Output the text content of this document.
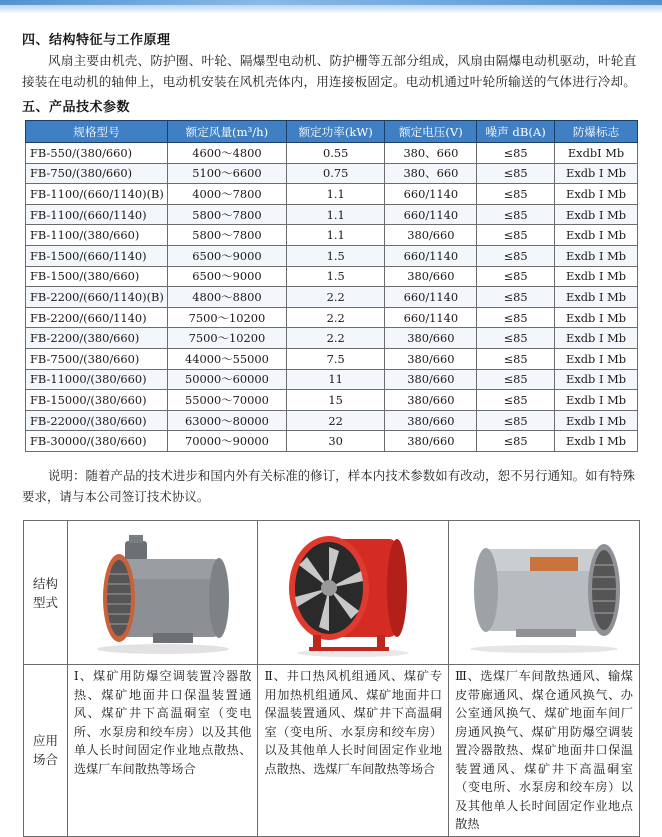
四、结构特征与工作原理
风扇主要由机壳、防护圈、叶轮、隔爆型电动机、防护栅等五部分组成，风扇由隔爆电动机驱动，叶轮直接装在电动机的轴伸上，电动机安装在风机壳体内，用连接板固定。电动机通过叶轮所输送的气体进行冷却。
五、产品技术参数
规格型号	额定风量(m³/h)	额定功率(kW)	额定电压(V)	噪声 dB(A)	防爆标志
FB-550/(380/660)	4600～4800	0.55	380、660	≤85	ExdbI Mb
FB-750/(380/660)	5100～6600	0.75	380、660	≤85	Exdb I Mb
FB-1100/(660/1140)(B)	4000～7800	1.1	660/1140	≤85	Exdb I Mb
FB-1100/(660/1140)	5800～7800	1.1	660/1140	≤85	Exdb I Mb
FB-1100/(380/660)	5800～7800	1.1	380/660	≤85	Exdb I Mb
FB-1500/(660/1140)	6500～9000	1.5	660/1140	≤85	Exdb I Mb
FB-1500/(380/660)	6500～9000	1.5	380/660	≤85	Exdb I Mb
FB-2200/(660/1140)(B)	4800～8800	2.2	660/1140	≤85	Exdb I Mb
FB-2200/(660/1140)	7500～10200	2.2	660/1140	≤85	Exdb I Mb
FB-2200/(380/660)	7500～10200	2.2	380/660	≤85	Exdb I Mb
FB-7500/(380/660)	44000～55000	7.5	380/660	≤85	Exdb I Mb
FB-11000/(380/660)	50000～60000	11	380/660	≤85	Exdb I Mb
FB-15000/(380/660)	55000～70000	15	380/660	≤85	Exdb I Mb
FB-22000/(380/660)	63000～80000	22	380/660	≤85	Exdb I Mb
FB-30000/(380/660)	70000～90000	30	380/660	≤85	Exdb I Mb
说明：随着产品的技术进步和国内外有关标准的修订，样本内技术参数如有改动，恕不另行通知。如有特殊要求，请与本公司签订技术协议。
结构型式	

应用场合	Ⅰ、煤矿用防爆空调装置冷器散热、煤矿地面井口保温装置通风、煤矿井下高温硐室（变电所、水泵房和绞车房）以及其他单人长时间固定作业地点散热、选煤厂车间散热等场合	Ⅱ、井口热风机组通风、煤矿专用加热机组通风、煤矿地面井口保温装置通风、煤矿井下高温硐室（变电所、水泵房和绞车房）以及其他单人长时间固定作业地点散热、选煤厂车间散热等场合	Ⅲ、选煤厂车间散热通风、输煤皮带廊通风、煤仓通风换气、办公室通风换气、煤矿地面车间厂房通风换气、煤矿用防爆空调装置冷器散热、煤矿地面井口保温装置通风、煤矿井下高温硐室（变电所、水泵房和绞车房）以及其他单人长时间固定作业地点散热
